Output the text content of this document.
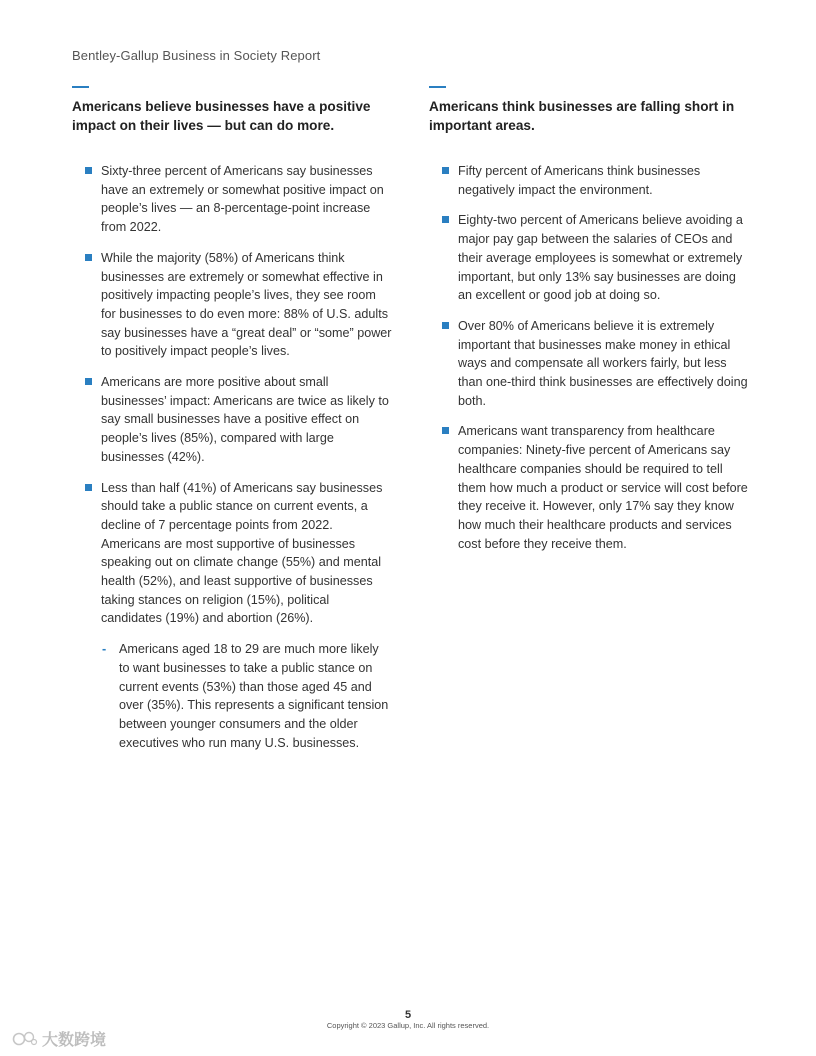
Bentley-Gallup Business in Society Report
Americans believe businesses have a positive impact on their lives — but can do more.
Sixty-three percent of Americans say businesses have an extremely or somewhat positive impact on people’s lives — an 8-percentage-point increase from 2022.
While the majority (58%) of Americans think businesses are extremely or somewhat effective in positively impacting people’s lives, they see room for businesses to do even more: 88% of U.S. adults say businesses have a “great deal” or “some” power to positively impact people’s lives.
Americans are more positive about small businesses’ impact: Americans are twice as likely to say small businesses have a positive effect on people’s lives (85%), compared with large businesses (42%).
Less than half (41%) of Americans say businesses should take a public stance on current events, a decline of 7 percentage points from 2022. Americans are most supportive of businesses speaking out on climate change (55%) and mental health (52%), and least supportive of businesses taking stances on religion (15%), political candidates (19%) and abortion (26%).
- Americans aged 18 to 29 are much more likely to want businesses to take a public stance on current events (53%) than those aged 45 and over (35%). This represents a significant tension between younger consumers and the older executives who run many U.S. businesses.
Americans think businesses are falling short in important areas.
Fifty percent of Americans think businesses negatively impact the environment.
Eighty-two percent of Americans believe avoiding a major pay gap between the salaries of CEOs and their average employees is somewhat or extremely important, but only 13% say businesses are doing an excellent or good job at doing so.
Over 80% of Americans believe it is extremely important that businesses make money in ethical ways and compensate all workers fairly, but less than one-third think businesses are effectively doing both.
Americans want transparency from healthcare companies: Ninety-five percent of Americans say healthcare companies should be required to tell them how much a product or service will cost before they receive it. However, only 17% say they know how much their healthcare products and services cost before they receive them.
5
Copyright © 2023 Gallup, Inc. All rights reserved.
大数跨境
